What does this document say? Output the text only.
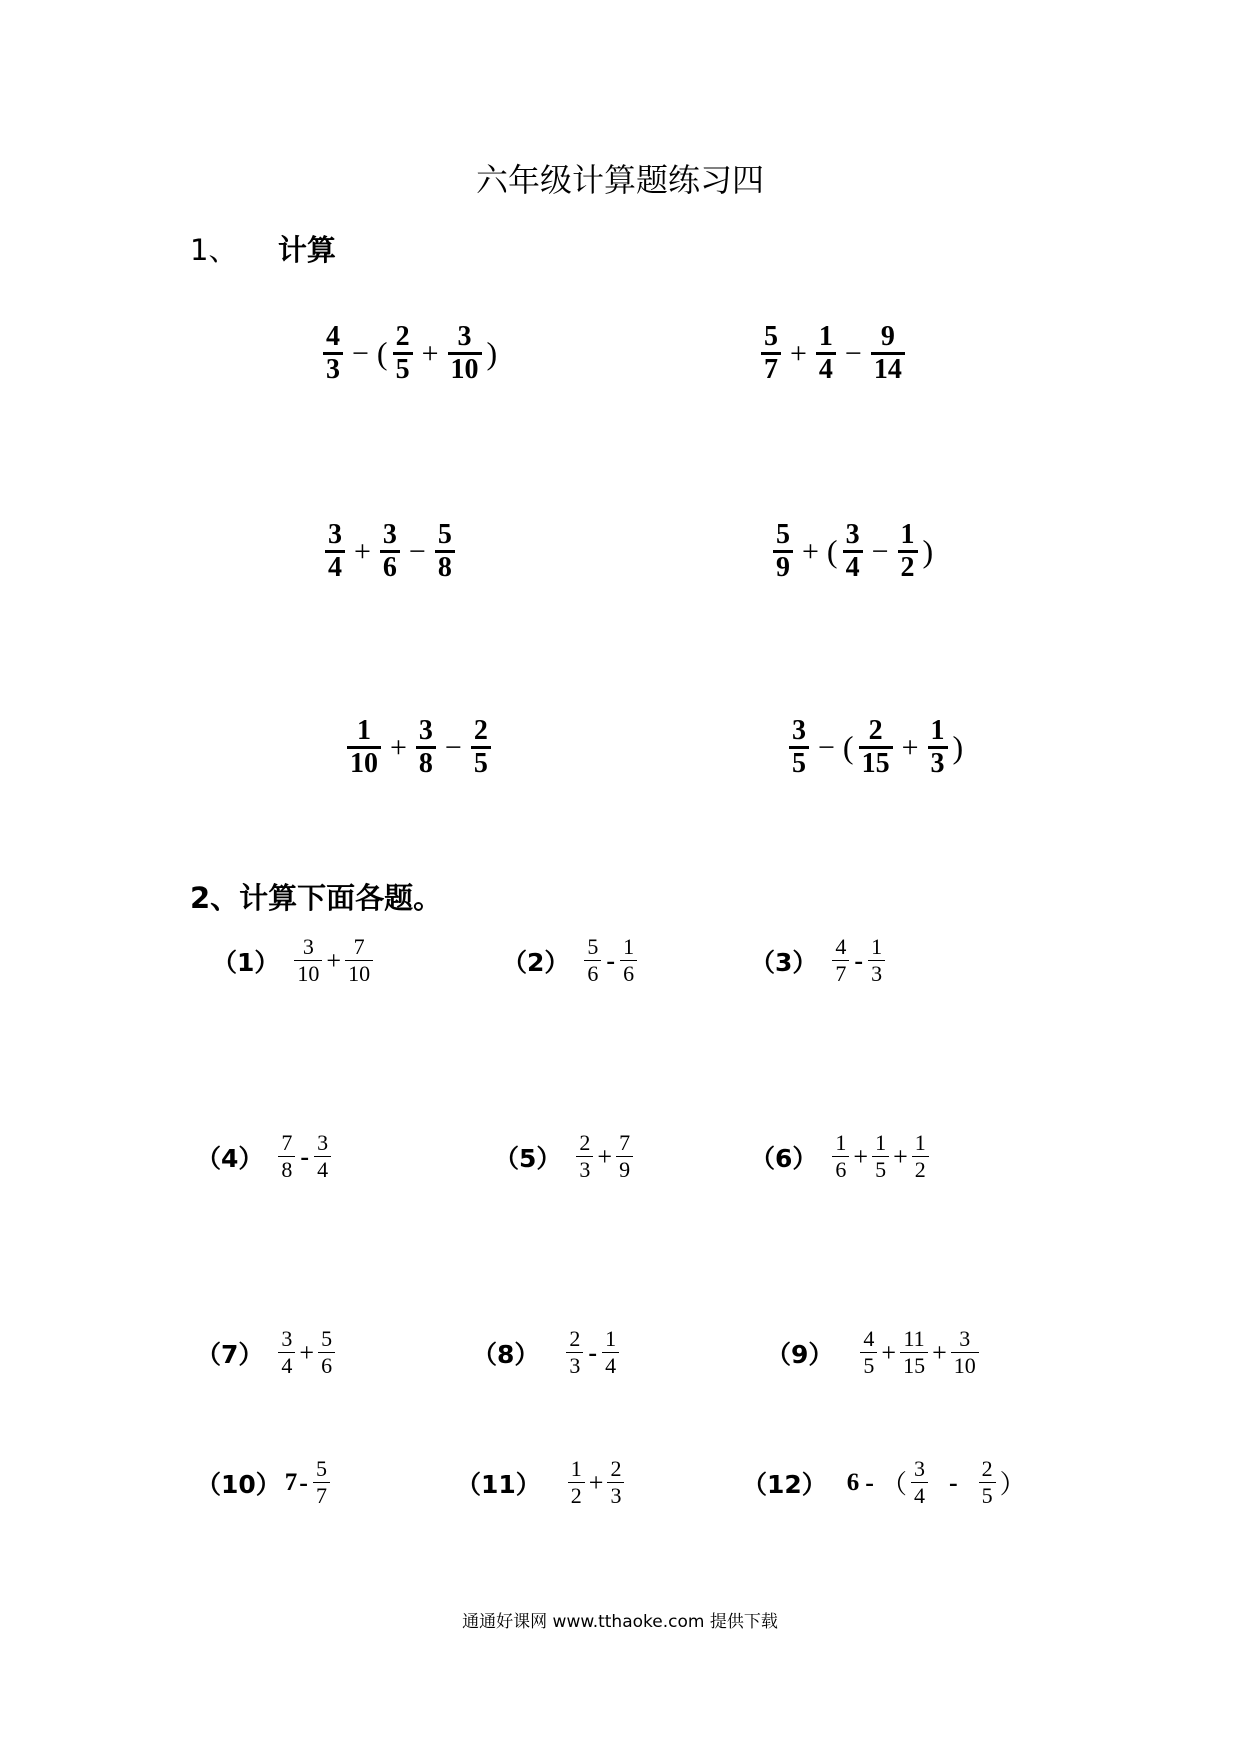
六年级计算题练习四
1、 计算
$\frac{4}{3}$ − ( $\frac{2}{5} + \frac{3}{10}$ )	$\frac{5}{7} + \frac{1}{4} - \frac{9}{14}$
$\frac{3}{4} + \frac{3}{6} - \frac{5}{8}$	$\frac{5}{9}$ + ( $\frac{3}{4} - \frac{1}{2}$ )
$\frac{1}{10} + \frac{3}{8} - \frac{2}{5}$	$\frac{3}{5}$ − ( $\frac{2}{15} + \frac{1}{3}$ )
2、计算下面各题。
$(1) \frac{3}{10} + \frac{7}{10}$	$(2) \frac{5}{6} - \frac{1}{6}$	$(3) \frac{4}{7} - \frac{1}{3}$
$(4) \frac{7}{8} - \frac{3}{4}$	$(5) \frac{2}{3} + \frac{7}{9}$	$(6) \frac{1}{6} + \frac{1}{5} + \frac{1}{2}$
$(7) \frac{3}{4} + \frac{5}{6}$	$(8) \frac{2}{3} - \frac{1}{4}$	$(9) \frac{4}{5} + \frac{11}{15} + \frac{3}{10}$
（10） $7 - \frac{5}{7}$	$(11) \frac{1}{2} + \frac{2}{3}$	（12） 6 - （ $\frac{3}{4} - \frac{2}{5}$ ）
通通好课网 www.tthaoke.com 提供下载
